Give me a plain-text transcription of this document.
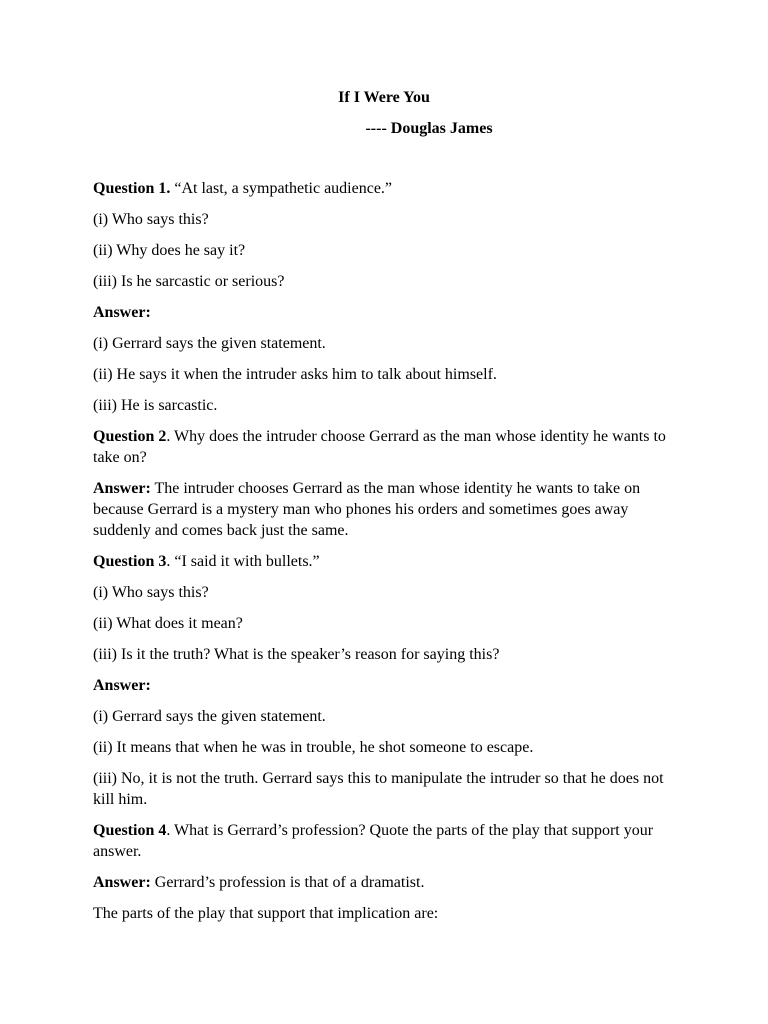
If I Were You
---- Douglas James

Question 1. “At last, a sympathetic audience.”

(i) Who says this?

(ii) Why does he say it?

(iii) Is he sarcastic or serious?

Answer:

(i) Gerrard says the given statement.

(ii) He says it when the intruder asks him to talk about himself.

(iii) He is sarcastic.

Question 2. Why does the intruder choose Gerrard as the man whose identity he wants to take on?

Answer: The intruder chooses Gerrard as the man whose identity he wants to take on because Gerrard is a mystery man who phones his orders and sometimes goes away suddenly and comes back just the same.

Question 3. “I said it with bullets.”

(i) Who says this?

(ii) What does it mean?

(iii) Is it the truth? What is the speaker’s reason for saying this?

Answer:

(i) Gerrard says the given statement.

(ii) It means that when he was in trouble, he shot someone to escape.

(iii) No, it is not the truth. Gerrard says this to manipulate the intruder so that he does not kill him.

Question 4. What is Gerrard’s profession? Quote the parts of the play that support your answer.

Answer: Gerrard’s profession is that of a dramatist.

The parts of the play that support that implication are:
